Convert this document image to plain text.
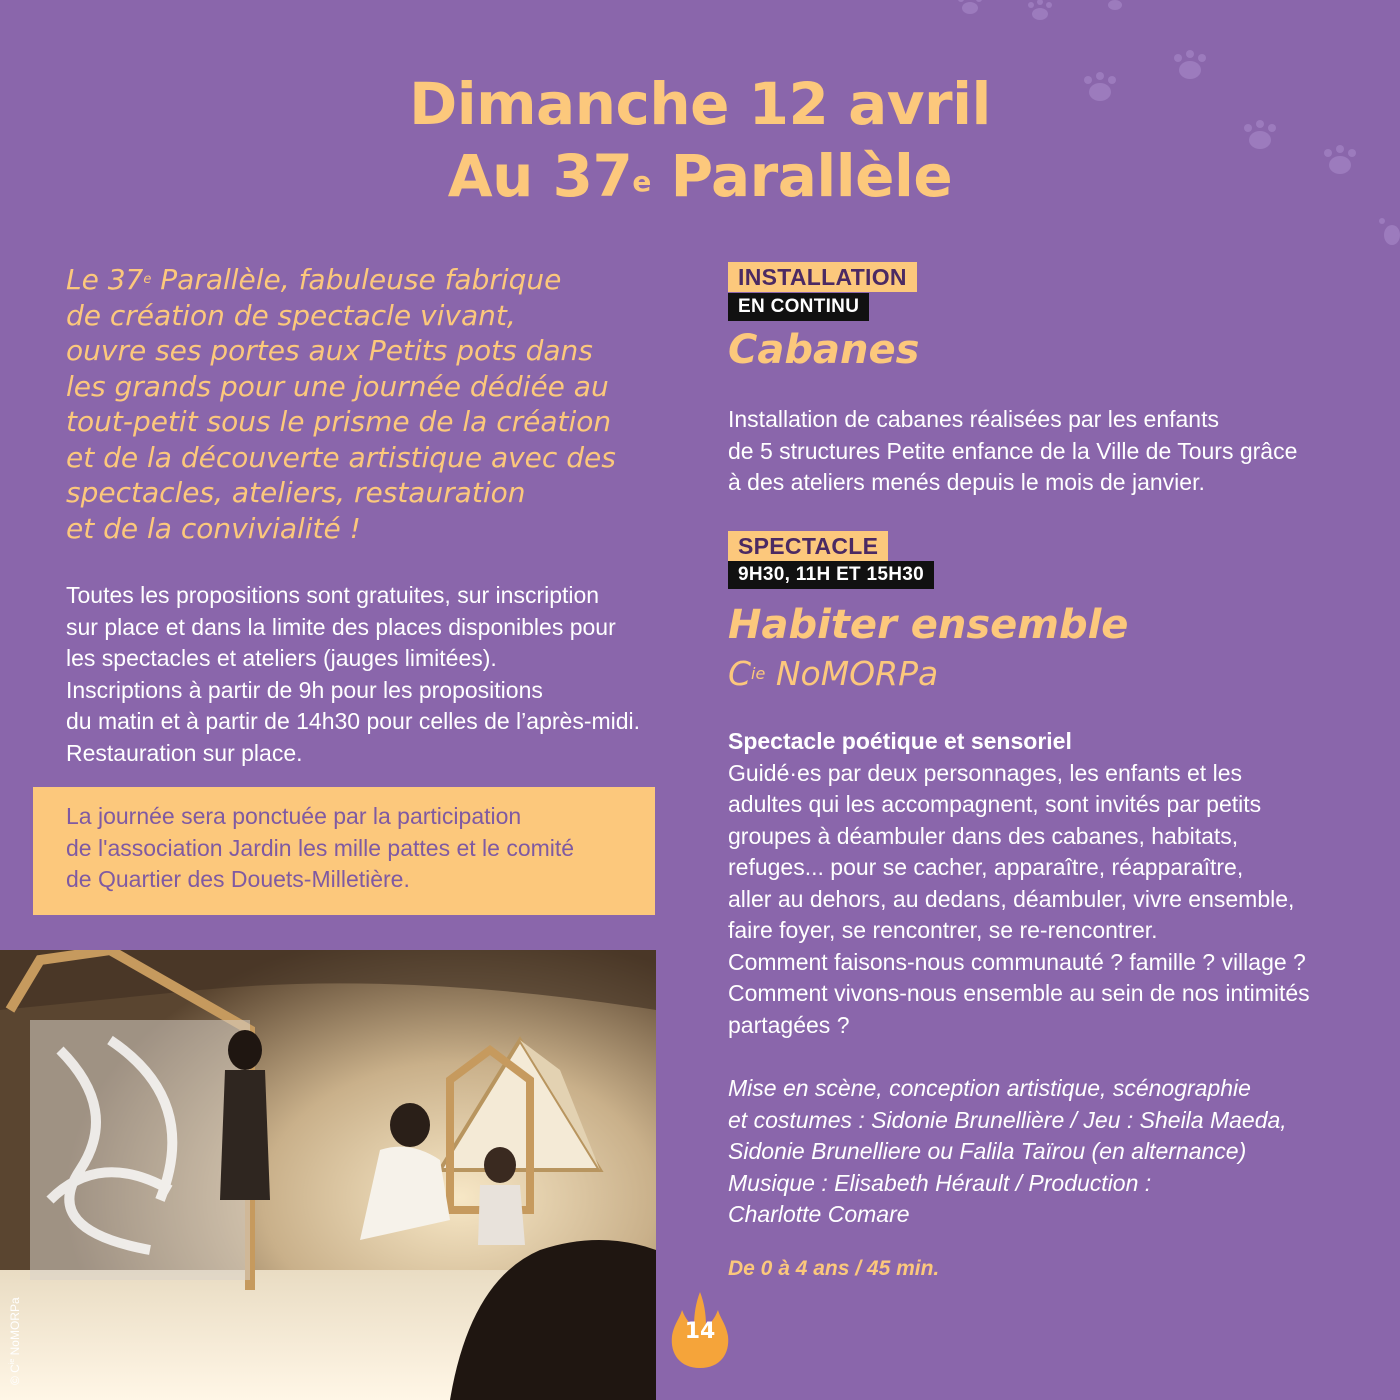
Dimanche 12 avril
Au 37e Parallèle
Le 37e Parallèle, fabuleuse fabrique
de création de spectacle vivant,
ouvre ses portes aux Petits pots dans
les grands pour une journée dédiée au
tout-petit sous le prisme de la création
et de la découverte artistique avec des
spectacles, ateliers, restauration
et de la convivialité !
Toutes les propositions sont gratuites, sur inscription
sur place et dans la limite des places disponibles pour
les spectacles et ateliers (jauges limitées).
Inscriptions à partir de 9h pour les propositions
du matin et à partir de 14h30 pour celles de l’après-midi.
Restauration sur place.
La journée sera ponctuée par la participation
de l'association Jardin les mille pattes et le comité
de Quartier des Douets-Milletière.
© $C^{ie}$ NoMORPa
INSTALLATION
EN CONTINU
Cabanes
Installation de cabanes réalisées par les enfants
de 5 structures Petite enfance de la Ville de Tours grâce
à des ateliers menés depuis le mois de janvier.
SPECTACLE
9H30, 11H ET 15H30
Habiter ensemble
$C^{ie}$ NoMORPa
Spectacle poétique et sensoriel
Guidé·es par deux personnages, les enfants et les
adultes qui les accompagnent, sont invités par petits
groupes à déambuler dans des cabanes, habitats,
refuges... pour se cacher, apparaître, réapparaître,
aller au dehors, au dedans, déambuler, vivre ensemble,
faire foyer, se rencontrer, se re-rencontrer.
Comment faisons-nous communauté ? famille ? village ?
Comment vivons-nous ensemble au sein de nos intimités
partagées ?
Mise en scène, conception artistique, scénographie
et costumes : Sidonie Brunellière / Jeu : Sheila Maeda,
Sidonie Brunelliere ou Falila Taïrou (en alternance)
Musique : Elisabeth Hérault / Production :
Charlotte Comare
De 0 à 4 ans / 45 min.
14
